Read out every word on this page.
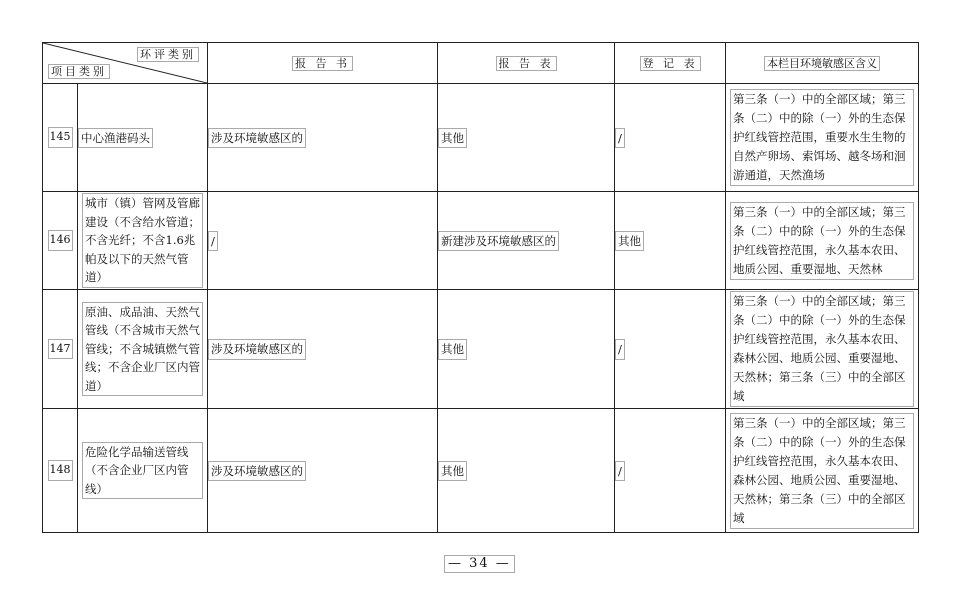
环评类别
项目类别		报 告 书	报 告 表	登 记 表	本栏目环境敏感区含义
145	中心渔港码头	涉及环境敏感区的	其他	/	第三条（一）中的全部区域；第三条（二）中的除（一）外的生态保护红线管控范围，重要水生生物的自然产卵场、索饵场、越冬场和洄游通道，天然渔场
146	城市（镇）管网及管廊建设（不含给水管道；不含光纤；不含1.6兆帕及以下的天然气管道）	/	新建涉及环境敏感区的	其他	第三条（一）中的全部区域；第三条（二）中的除（一）外的生态保护红线管控范围，永久基本农田、地质公园、重要湿地、天然林
147	原油、成品油、天然气管线（不含城市天然气管线；不含城镇燃气管线；不含企业厂区内管道）	涉及环境敏感区的	其他	/	第三条（一）中的全部区域；第三条（二）中的除（一）外的生态保护红线管控范围，永久基本农田、森林公园、地质公园、重要湿地、天然林；第三条（三）中的全部区域
148	危险化学品输送管线（不含企业厂区内管线）	涉及环境敏感区的	其他	/	第三条（一）中的全部区域；第三条（二）中的除（一）外的生态保护红线管控范围，永久基本农田、森林公园、地质公园、重要湿地、天然林；第三条（三）中的全部区域
— 34 —
